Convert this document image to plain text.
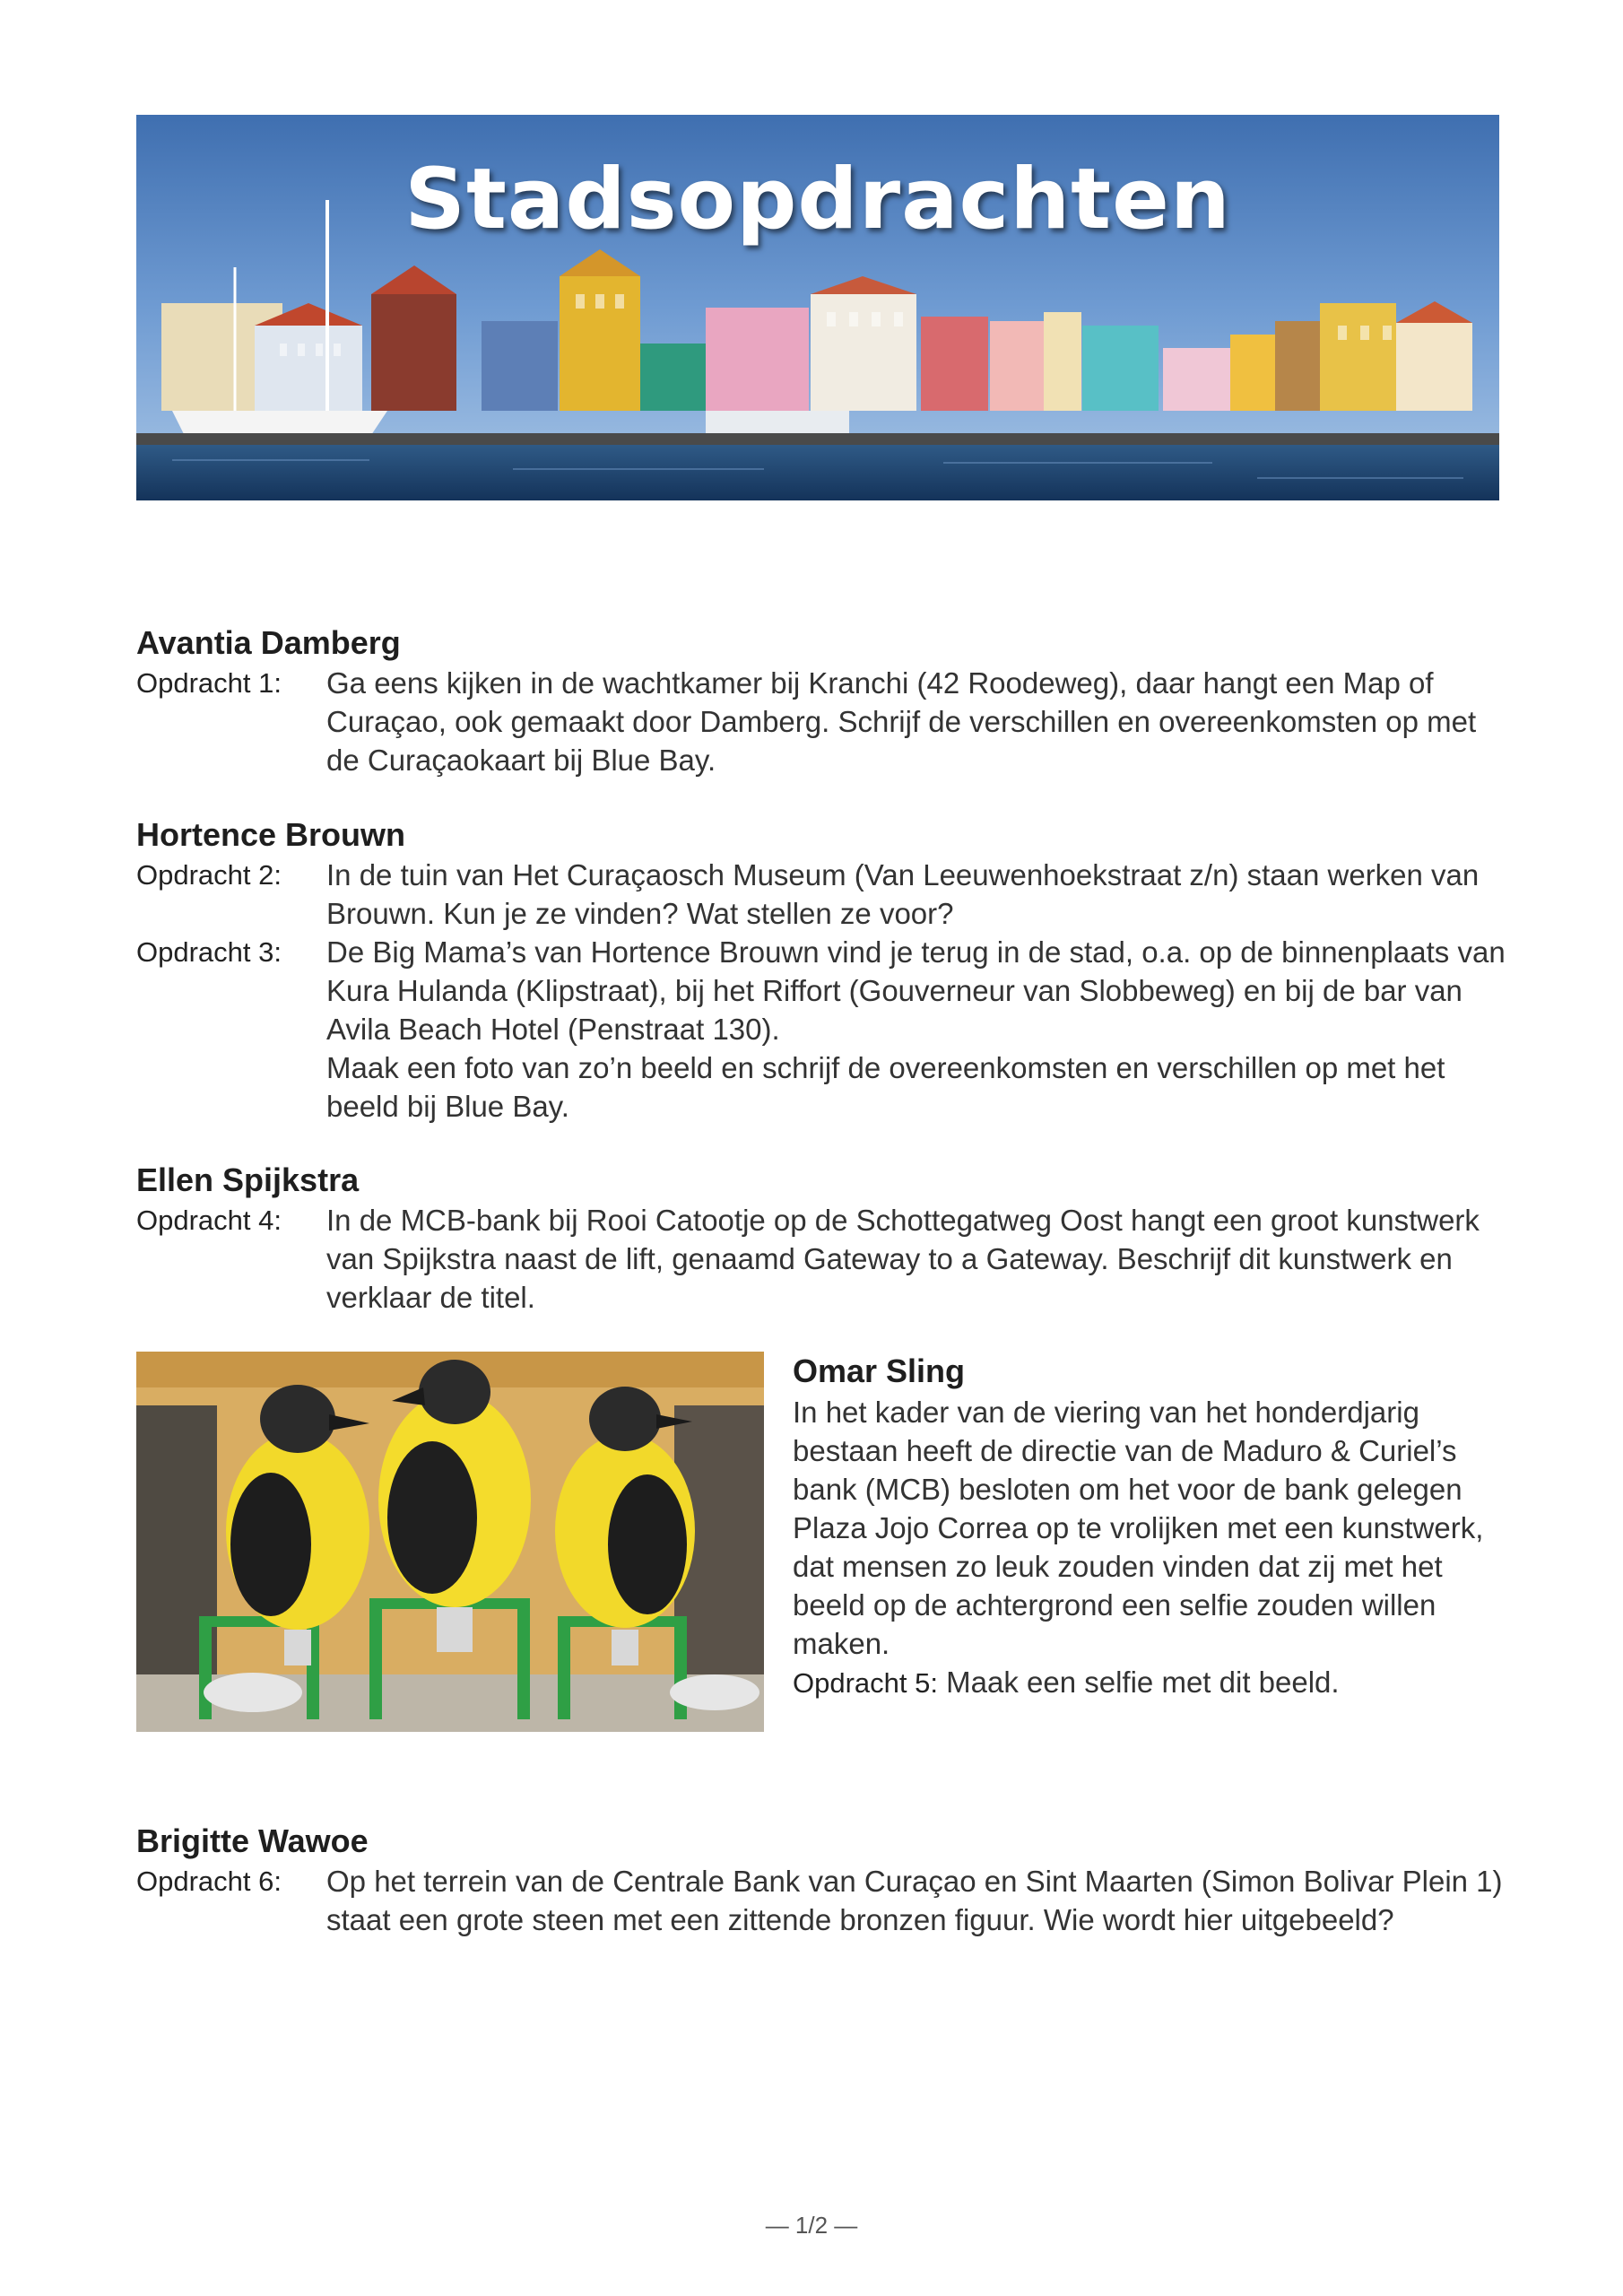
Stadsopdrachten
Avantia Damberg
Opdracht 1: Ga eens kijken in de wachtkamer bij Kranchi (42 Roodeweg), daar hangt een Map of Curaçao, ook gemaakt door Damberg. Schrijf de verschillen en overeenkomsten op met de Curaçaokaart bij Blue Bay.
Hortence Brouwn
Opdracht 2: In de tuin van Het Curaçaosch Museum (Van Leeuwenhoekstraat z/n) staan werken van Brouwn. Kun je ze vinden? Wat stellen ze voor?
Opdracht 3: De Big Mama’s van Hortence Brouwn vind je terug in de stad, o.a. op de binnenplaats van Kura Hulanda (Klipstraat), bij het Riffort (Gouverneur van Slobbeweg) en bij de bar van Avila Beach Hotel (Penstraat 130).

Maak een foto van zo’n beeld en schrijf de overeenkomsten en verschillen op met het beeld bij Blue Bay.

Ellen Spijkstra
Opdracht 4: In de MCB-bank bij Rooi Catootje op de Schottegatweg Oost hangt een groot kunstwerk van Spijkstra naast de lift, genaamd Gateway to a Gateway. Beschrijf dit kunstwerk en verklaar de titel.
Omar Sling
In het kader van de viering van het honderdjarig bestaan heeft de directie van de Maduro & Curiel’s bank (MCB) besloten om het voor de bank gelegen Plaza Jojo Correa op te vrolijken met een kunstwerk, dat mensen zo leuk zouden vinden dat zij met het beeld op de achtergrond een selfie zouden willen maken.
Opdracht 5: Maak een selfie met dit beeld.
Brigitte Wawoe
Opdracht 6: Op het terrein van de Centrale Bank van Curaçao en Sint Maarten (Simon Bolivar Plein 1) staat een grote steen met een zittende bronzen figuur. Wie wordt hier uitgebeeld?
— 1/2 —
